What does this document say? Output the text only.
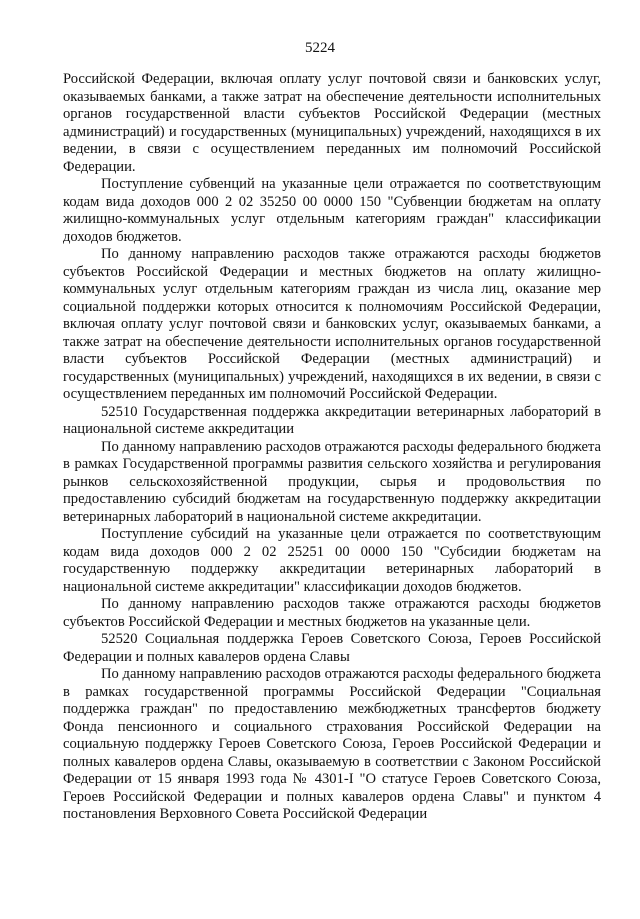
5224

Российской Федерации, включая оплату услуг почтовой связи и банковских услуг, оказываемых банками, а также затрат на обеспечение деятельности исполнительных органов государственной власти субъектов Российской Федерации (местных администраций) и государственных (муниципальных) учреждений, находящихся в их ведении, в связи с осуществлением переданных им полномочий Российской Федерации.

Поступление субвенций на указанные цели отражается по соответствующим кодам вида доходов 000 2 02 35250 00 0000 150 "Субвенции бюджетам на оплату жилищно-коммунальных услуг отдельным категориям граждан" классификации доходов бюджетов.

По данному направлению расходов также отражаются расходы бюджетов субъектов Российской Федерации и местных бюджетов на оплату жилищно-коммунальных услуг отдельным категориям граждан из числа лиц, оказание мер социальной поддержки которых относится к полномочиям Российской Федерации, включая оплату услуг почтовой связи и банковских услуг, оказываемых банками, а также затрат на обеспечение деятельности исполнительных органов государственной власти субъектов Российской Федерации (местных администраций) и государственных (муниципальных) учреждений, находящихся в их ведении, в связи с осуществлением переданных им полномочий Российской Федерации.

52510 Государственная поддержка аккредитации ветеринарных лабораторий в национальной системе аккредитации

По данному направлению расходов отражаются расходы федерального бюджета в рамках Государственной программы развития сельского хозяйства и регулирования рынков сельскохозяйственной продукции, сырья и продовольствия по предоставлению субсидий бюджетам на государственную поддержку аккредитации ветеринарных лабораторий в национальной системе аккредитации.

Поступление субсидий на указанные цели отражается по соответствующим кодам вида доходов 000 2 02 25251 00 0000 150 "Субсидии бюджетам на государственную поддержку аккредитации ветеринарных лабораторий в национальной системе аккредитации" классификации доходов бюджетов.

По данному направлению расходов также отражаются расходы бюджетов субъектов Российской Федерации и местных бюджетов на указанные цели.

52520 Социальная поддержка Героев Советского Союза, Героев Российской Федерации и полных кавалеров ордена Славы

По данному направлению расходов отражаются расходы федерального бюджета в рамках государственной программы Российской Федерации "Социальная поддержка граждан" по предоставлению межбюджетных трансфертов бюджету Фонда пенсионного и социального страхования Российской Федерации на социальную поддержку Героев Советского Союза, Героев Российской Федерации и полных кавалеров ордена Славы, оказываемую в соответствии с Законом Российской Федерации от 15 января 1993 года № 4301-I "О статусе Героев Советского Союза, Героев Российской Федерации и полных кавалеров ордена Славы" и пунктом 4 постановления Верховного Совета Российской Федерации
